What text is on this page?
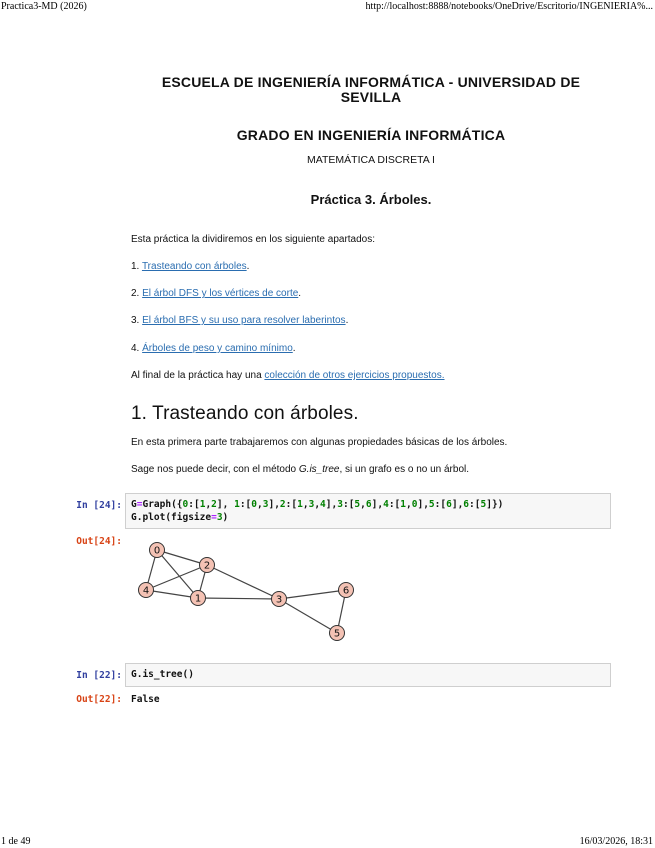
Practica3-MD (2026)	http://localhost:8888/notebooks/OneDrive/Escritorio/INGENIERIA%...
ESCUELA DE INGENIERÍA INFORMÁTICA - UNIVERSIDAD DE SEVILLA
GRADO EN INGENIERÍA INFORMÁTICA
MATEMÁTICA DISCRETA I
Práctica 3. Árboles.
Esta práctica la dividiremos en los siguiente apartados:
1. Trasteando con árboles.
2. El árbol DFS y los vértices de corte.
3. El árbol BFS y su uso para resolver laberintos.
4. Árboles de peso y camino mínimo.
Al final de la práctica hay una colección de otros ejercicios propuestos.
1. Trasteando con árboles.
En esta primera parte trabajaremos con algunas propiedades básicas de los árboles.
Sage nos puede decir, con el método G.is_tree, si un grafo es o no un árbol.
In [24]: G=Graph({0:[1,2], 1:[0,3],2:[1,3,4],3:[5,6],4:[1,0],5:[6],6:[5]})
G.plot(figsize=3)
Out[24]:
0
1
2
3
4
5
6
In [22]: G.is_tree()
Out[22]: False
1 de 49	16/03/2026, 18:31
